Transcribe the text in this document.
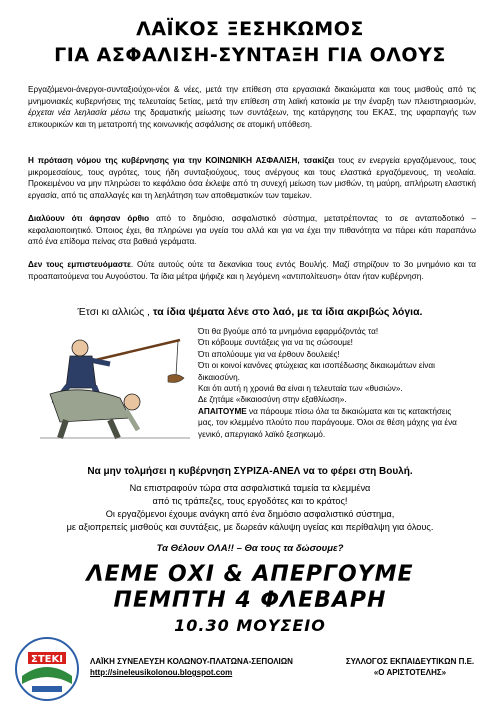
ΛΑΪΚΟΣ ΞΕΣΗΚΩΜΟΣ
ΓΙΑ ΑΣΦΑΛΙΣΗ-ΣΥΝΤΑΞΗ ΓΙΑ ΟΛΟΥΣ

Εργαζόμενοι-άνεργοι-συνταξιούχοι-νέοι & νέες, μετά την επίθεση στα εργασιακά δικαιώματα και τους μισθούς από τις μνημονιακές κυβερνήσεις της τελευταίας 5ετίας, μετά την επίθεση στη λαϊκή κατοικία με την έναρξη των πλειστηριασμών, έρχεται νέα λεηλασία μέσω της δραματικής μείωσης των συντάξεων, της κατάργησης του ΕΚΑΣ, της υφαρπαγής των επικουρικών και τη μετατροπή της κοινωνικής ασφάλισης σε ατομική υπόθεση.

Η πρόταση νόμου της κυβέρνησης για την ΚΟΙΝΩΝΙΚΗ ΑΣΦΑΛΙΣΗ, τσακίζει τους εν ενεργεία εργαζόμενους, τους μικρομεσαίους, τους αγρότες, τους ήδη συνταξιούχους, τους ανέργους και τους ελαστικά εργαζόμενους, τη νεολαία. Προκειμένου να μην πληρώσει το κεφάλαιο όσα έκλεψε από τη συνεχή μείωση των μισθών, τη μαύρη, απλήρωτη ελαστική εργασία, από τις απαλλαγές και τη λεηλάτηση των αποθεματικών των ταμείων.

Διαλύουν ότι άφησαν όρθιο από το δημόσιο, ασφαλιστικό σύστημα, μετατρέποντας το σε ανταποδοτικό – κεφαλαιοποιητικό. Όποιος έχει, θα πληρώνει για υγεία του αλλά και για να έχει την πιθανότητα να πάρει κάτι παραπάνω από ένα επίδομα πείνας στα βαθειά γεράματα.

Δεν τους εμπιστευόμαστε. Ούτε αυτούς ούτε τα δεκανίκια τους εντός Βουλής. Μαζί στηρίζουν το 3ο μνημόνιο και τα προαπαιτούμενα του Αυγούστου. Τα ίδια μέτρα ψήφιζε και η λεγόμενη «αντιπολίτευση» όταν ήταν κυβέρνηση.

Έτσι κι αλλιώς , τα ίδια ψέματα λένε στο λαό, με τα ίδια ακριβώς λόγια.
Ότι θα βγούμε από τα μνημόνια εφαρμόζοντάς τα!
Ότι κόβουμε συντάξεις για να τις σώσουμε!
Ότι απολύουμε για να έρθουν δουλειές!
Ότι οι κοινοί κανόνες φτώχειας και ισοπέδωσης δικαιωμάτων είναι δικαιοσύνη.
Και ότι αυτή η χρονιά θα είναι η τελευταία των «θυσιών».
Δε ζητάμε «δικαιοσύνη στην εξαθλίωση».
ΑΠΑΙΤΟΥΜΕ να πάρουμε πίσω όλα τα δικαιώματα και τις κατακτήσεις μας, τον κλεμμένο πλούτο που παράγουμε. Όλοι σε θέση μάχης για ένα γενικό, απεργιακό λαϊκό ξεσηκωμό.
Να μην τολμήσει η κυβέρνηση ΣΥΡΙΖΑ-ΑΝΕΛ να το φέρει στη Βουλή.
Να επιστραφούν τώρα στα ασφαλιστικά ταμεία τα κλεμμένα
από τις τράπεζες, τους εργοδότες και το κράτος!
Οι εργαζόμενοι έχουμε ανάγκη από ένα δημόσιο ασφαλιστικό σύστημα,
με αξιοπρεπείς μισθούς και συντάξεις, με δωρεάν κάλυψη υγείας και περίθαλψη για όλους.
Τα Θέλουν ΟΛΑ!! – Θα τους τα δώσουμε?
ΛΕΜΕ ΟΧΙ & ΑΠΕΡΓΟΥΜΕ
ΠΕΜΠΤΗ 4 ΦΛΕΒΑΡΗ
10.30 ΜΟΥΣΕΙΟ
ΣΤΕΚΙ	ΛΑΪΚΗ ΣΥΝΕΛΕΥΣΗ ΚΟΛΩΝΟΥ-ΠΛΑΤΩΝΑ-ΣΕΠΟΛΙΩΝ
http://sineleusikolonou.blogspot.com
ΣΥΛΛΟΓΟΣ ΕΚΠΑΙΔΕΥΤΙΚΩΝ Π.Ε.
«Ο ΑΡΙΣΤΟΤΕΛΗΣ»
